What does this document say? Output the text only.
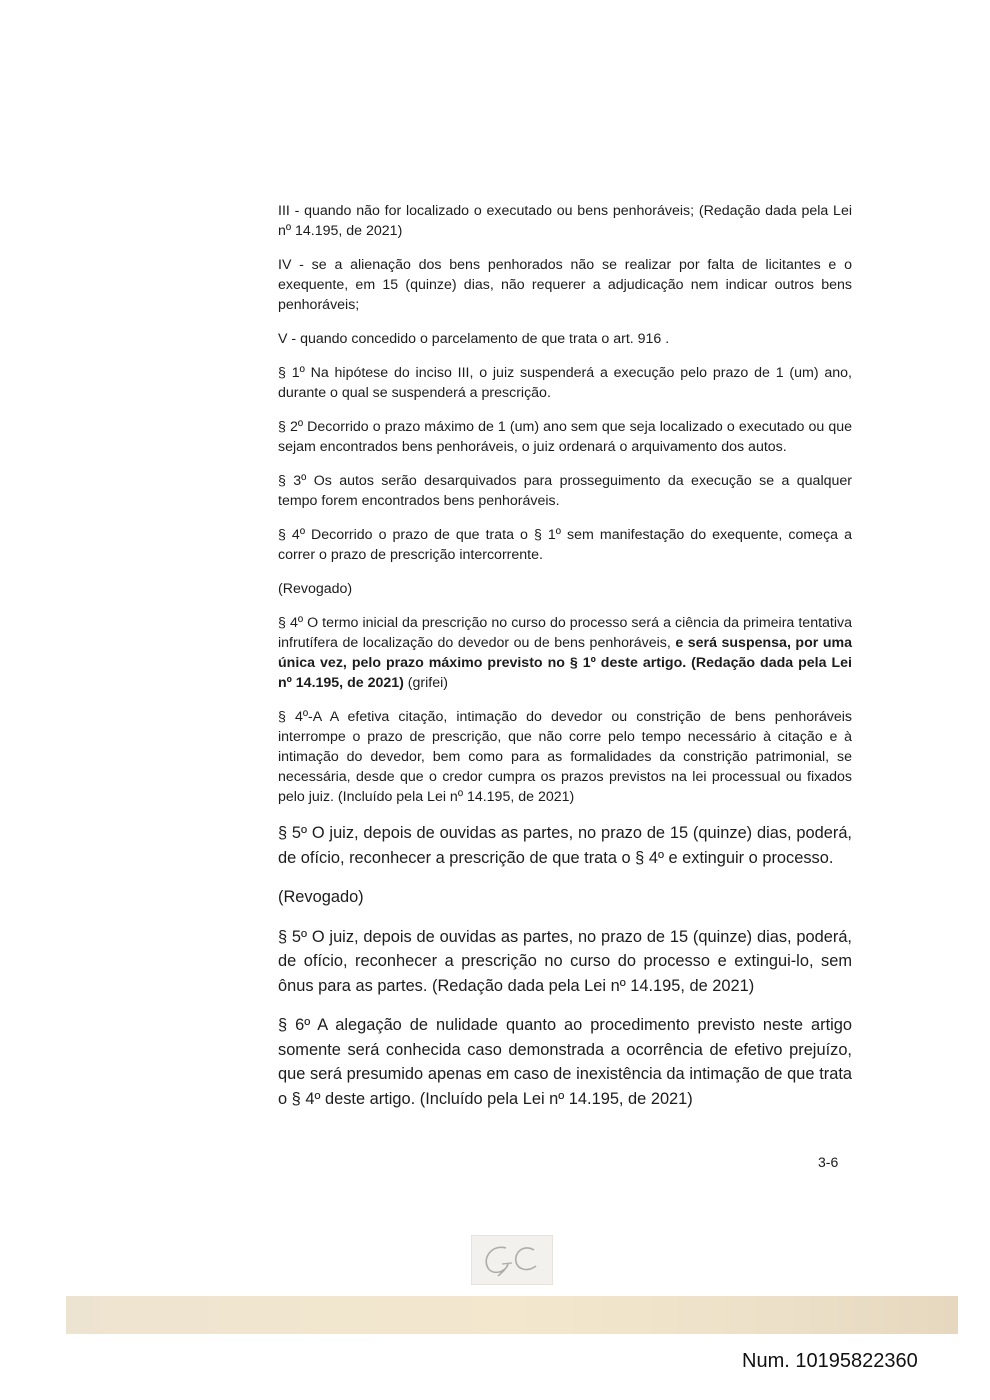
III - quando não for localizado o executado ou bens penhoráveis; (Redação dada pela Lei nº 14.195, de 2021)

IV - se a alienação dos bens penhorados não se realizar por falta de licitantes e o exequente, em 15 (quinze) dias, não requerer a adjudicação nem indicar outros bens penhoráveis;

V - quando concedido o parcelamento de que trata o art. 916 .

§ 1º Na hipótese do inciso III, o juiz suspenderá a execução pelo prazo de 1 (um) ano, durante o qual se suspenderá a prescrição.

§ 2º Decorrido o prazo máximo de 1 (um) ano sem que seja localizado o executado ou que sejam encontrados bens penhoráveis, o juiz ordenará o arquivamento dos autos.

§ 3º Os autos serão desarquivados para prosseguimento da execução se a qualquer tempo forem encontrados bens penhoráveis.

§ 4º Decorrido o prazo de que trata o § 1º sem manifestação do exequente, começa a correr o prazo de prescrição intercorrente.

(Revogado)

§ 4º O termo inicial da prescrição no curso do processo será a ciência da primeira tentativa infrutífera de localização do devedor ou de bens penhoráveis, e será suspensa, por uma única vez, pelo prazo máximo previsto no § 1º deste artigo. (Redação dada pela Lei nº 14.195, de 2021) (grifei)

§ 4º-A A efetiva citação, intimação do devedor ou constrição de bens penhoráveis interrompe o prazo de prescrição, que não corre pelo tempo necessário à citação e à intimação do devedor, bem como para as formalidades da constrição patrimonial, se necessária, desde que o credor cumpra os prazos previstos na lei processual ou fixados pelo juiz. (Incluído pela Lei nº 14.195, de 2021)

§ 5º O juiz, depois de ouvidas as partes, no prazo de 15 (quinze) dias, poderá, de ofício, reconhecer a prescrição de que trata o § 4º e extinguir o processo.

(Revogado)

§ 5º O juiz, depois de ouvidas as partes, no prazo de 15 (quinze) dias, poderá, de ofício, reconhecer a prescrição no curso do processo e extingui-lo, sem ônus para as partes. (Redação dada pela Lei nº 14.195, de 2021)

§ 6º A alegação de nulidade quanto ao procedimento previsto neste artigo somente será conhecida caso demonstrada a ocorrência de efetivo prejuízo, que será presumido apenas em caso de inexistência da intimação de que trata o § 4º deste artigo. (Incluído pela Lei nº 14.195, de 2021)

3-6
Num. 10195822360
